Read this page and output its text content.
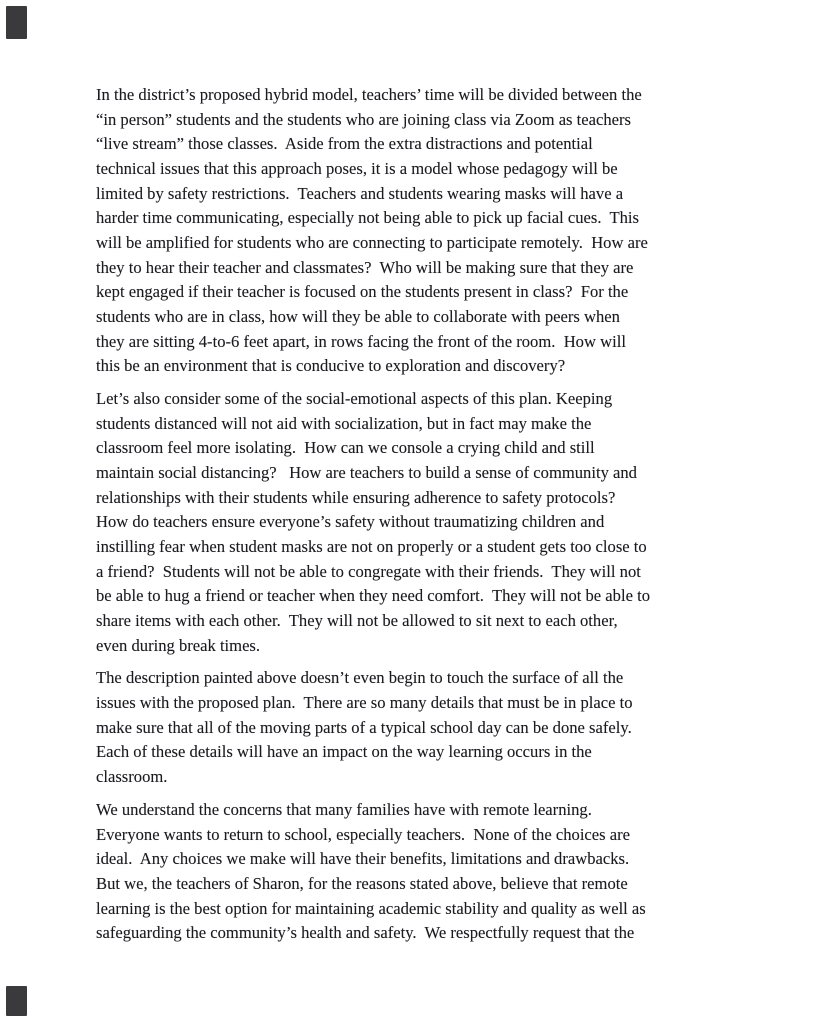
In the district’s proposed hybrid model, teachers’ time will be divided between the
“in person” students and the students who are joining class via Zoom as teachers
“live stream” those classes.  Aside from the extra distractions and potential
technical issues that this approach poses, it is a model whose pedagogy will be
limited by safety restrictions.  Teachers and students wearing masks will have a
harder time communicating, especially not being able to pick up facial cues.  This
will be amplified for students who are connecting to participate remotely.  How are
they to hear their teacher and classmates?  Who will be making sure that they are
kept engaged if their teacher is focused on the students present in class?  For the
students who are in class, how will they be able to collaborate with peers when
they are sitting 4-to-6 feet apart, in rows facing the front of the room.  How will
this be an environment that is conducive to exploration and discovery?

Let’s also consider some of the social-emotional aspects of this plan. Keeping
students distanced will not aid with socialization, but in fact may make the
classroom feel more isolating.  How can we console a crying child and still
maintain social distancing?   How are teachers to build a sense of community and
relationships with their students while ensuring adherence to safety protocols?
How do teachers ensure everyone’s safety without traumatizing children and
instilling fear when student masks are not on properly or a student gets too close to
a friend?  Students will not be able to congregate with their friends.  They will not
be able to hug a friend or teacher when they need comfort.  They will not be able to
share items with each other.  They will not be allowed to sit next to each other,
even during break times.

The description painted above doesn’t even begin to touch the surface of all the
issues with the proposed plan.  There are so many details that must be in place to
make sure that all of the moving parts of a typical school day can be done safely.
Each of these details will have an impact on the way learning occurs in the
classroom.

We understand the concerns that many families have with remote learning.
Everyone wants to return to school, especially teachers.  None of the choices are
ideal.  Any choices we make will have their benefits, limitations and drawbacks.
But we, the teachers of Sharon, for the reasons stated above, believe that remote
learning is the best option for maintaining academic stability and quality as well as
safeguarding the community’s health and safety.  We respectfully request that the
